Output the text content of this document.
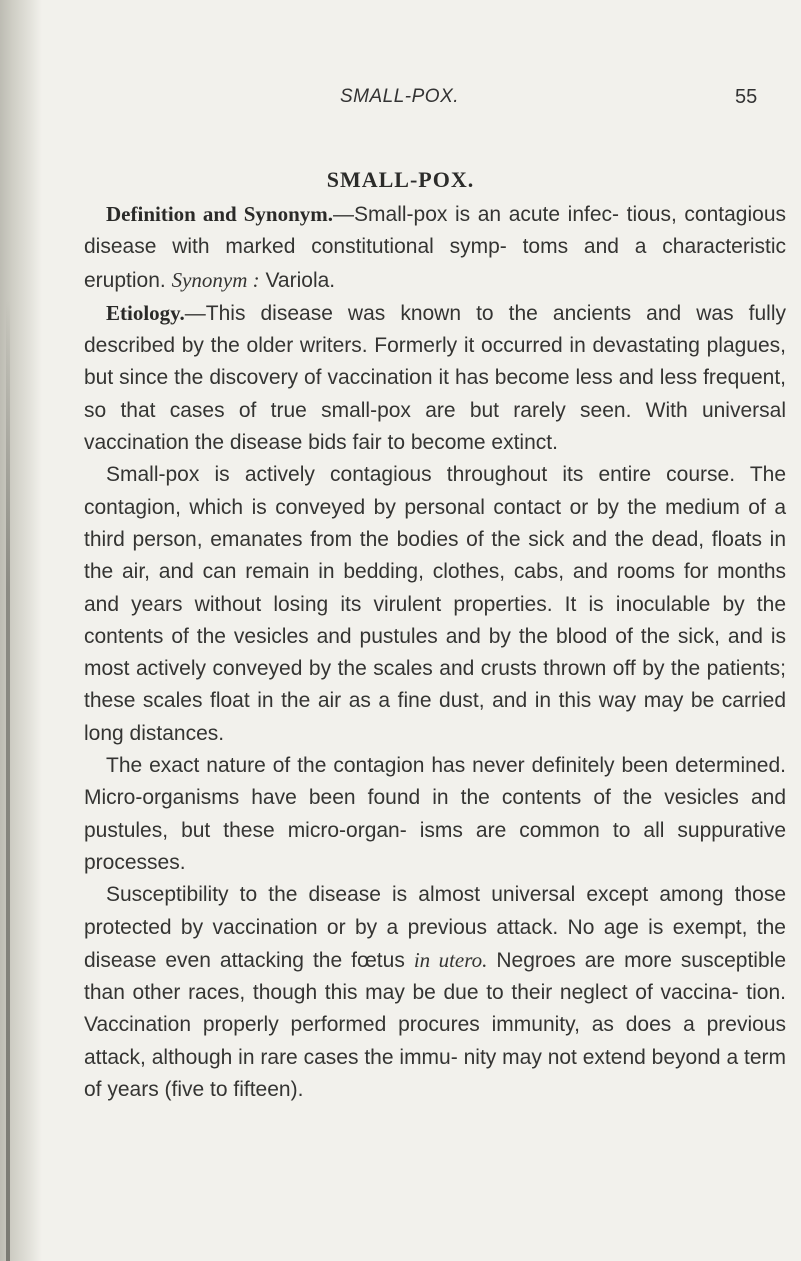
SMALL-POX.	55
SMALL-POX.

Definition and Synonym.—Small-pox is an acute infec- tious, contagious disease with marked constitutional symp- toms and a characteristic eruption. Synonym : Variola.

Etiology.—This disease was known to the ancients and was fully described by the older writers. Formerly it occurred in devastating plagues, but since the discovery of vaccination it has become less and less frequent, so that cases of true small-pox are but rarely seen. With universal vaccination the disease bids fair to become extinct.

Small-pox is actively contagious throughout its entire course. The contagion, which is conveyed by personal contact or by the medium of a third person, emanates from the bodies of the sick and the dead, floats in the air, and can remain in bedding, clothes, cabs, and rooms for months and years without losing its virulent properties. It is inoculable by the contents of the vesicles and pustules and by the blood of the sick, and is most actively conveyed by the scales and crusts thrown off by the patients; these scales float in the air as a fine dust, and in this way may be carried long distances.

The exact nature of the contagion has never definitely been determined. Micro-organisms have been found in the contents of the vesicles and pustules, but these micro-organ- isms are common to all suppurative processes.

Susceptibility to the disease is almost universal except among those protected by vaccination or by a previous attack. No age is exempt, the disease even attacking the fœtus in utero. Negroes are more susceptible than other races, though this may be due to their neglect of vaccina- tion. Vaccination properly performed procures immunity, as does a previous attack, although in rare cases the immu- nity may not extend beyond a term of years (five to fifteen).
